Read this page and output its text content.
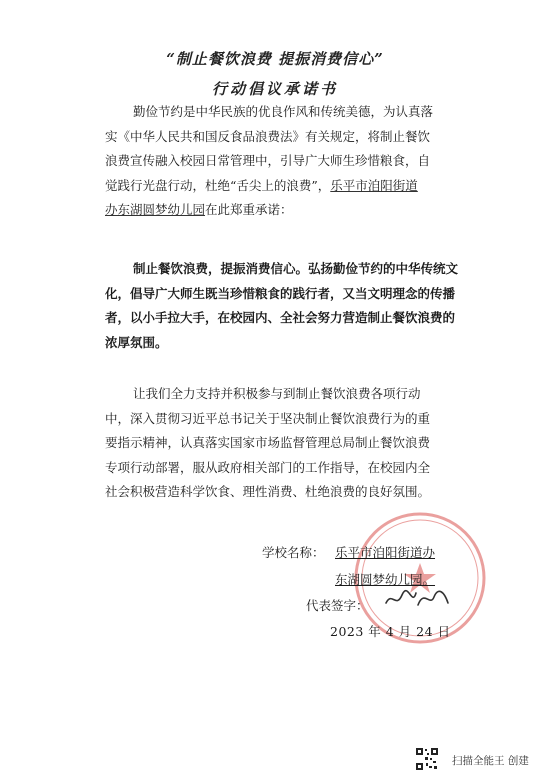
“制止餐饮浪费 提振消费信心”
行动倡议承诺书
勤俭节约是中华民族的优良作风和传统美德，为认真落
实《中华人民共和国反食品浪费法》有关规定，将制止餐饮
浪费宣传融入校园日常管理中，引导广大师生珍惜粮食，自
觉践行光盘行动，杜绝“舌尖上的浪费”，乐平市洎阳街道
办东湖圆梦幼儿园在此郑重承诺：
制止餐饮浪费，提振消费信心。弘扬勤俭节约的中华传统文
化，倡导广大师生既当珍惜粮食的践行者，又当文明理念的传播
者，以小手拉大手，在校园内、全社会努力营造制止餐饮浪费的
浓厚氛围。
让我们全力支持并积极参与到制止餐饮浪费各项行动
中，深入贯彻习近平总书记关于坚决制止餐饮浪费行为的重
要指示精神，认真落实国家市场监督管理总局制止餐饮浪费
专项行动部署，服从政府相关部门的工作指导，在校园内全
社会积极营造科学饮食、理性消费、杜绝浪费的良好氛围。
学校名称： 乐平市洎阳街道办
东湖圆梦幼儿园。
代表签字：
2023 年 4 月 24 日
扫描全能王 创建
